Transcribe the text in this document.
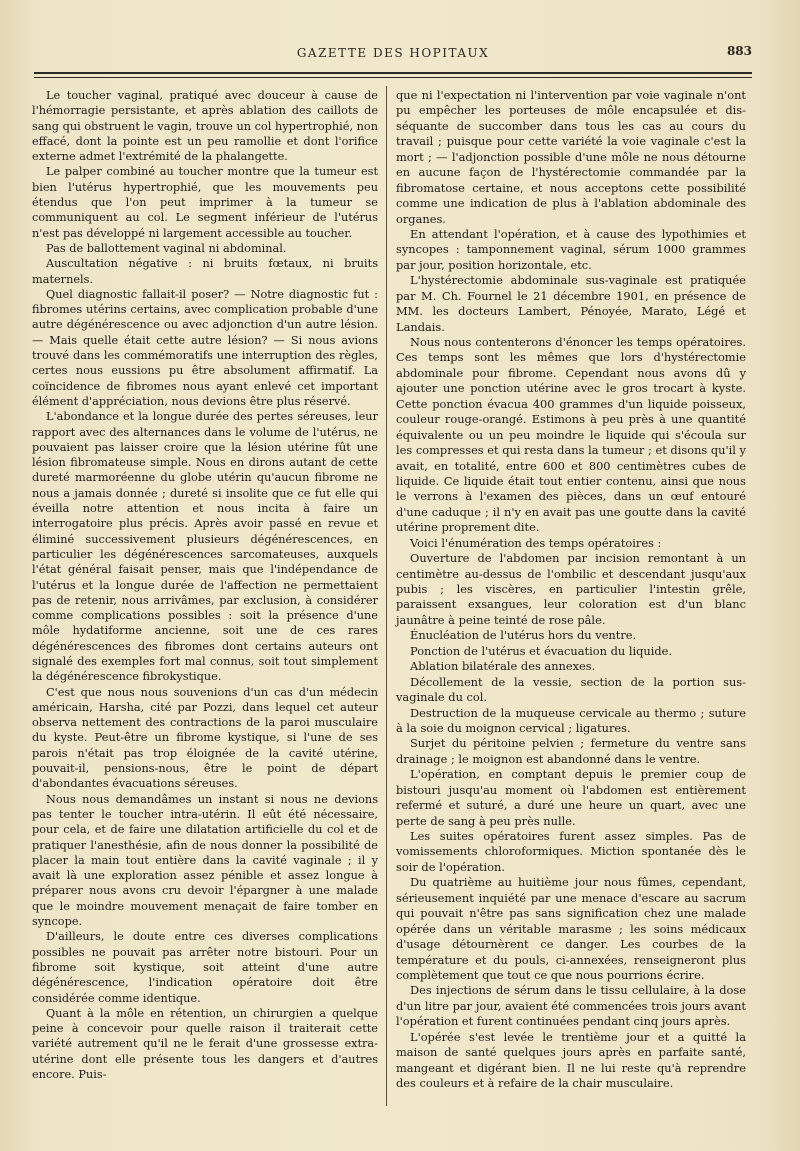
GAZETTE DES HOPITAUX	883

Le toucher vaginal, pratiqué avec douceur à cause de l'hémorragie persistante, et après ablation des caillots de sang qui obstruent le vagin, trouve un col hypertrophié, non effacé, dont la pointe est un peu ramollie et dont l'orifice externe admet l'extrémité de la phalangette.

Le palper combiné au toucher montre que la tumeur est bien l'utérus hypertrophié, que les mouvements peu étendus que l'on peut imprimer à la tumeur se communiquent au col. Le segment inférieur de l'utérus n'est pas développé ni largement accessible au toucher.

Pas de ballottement vaginal ni abdominal.

Auscultation négative : ni bruits fœtaux, ni bruits maternels.

Quel diagnostic fallait-il poser? — Notre diagnostic fut : fibromes utérins certains, avec complication probable d'une autre dégénérescence ou avec adjonction d'un autre lésion. — Mais quelle était cette autre lésion? — Si nous avions trouvé dans les commémoratifs une interruption des règles, certes nous eussions pu être absolument affirmatif. La coïncidence de fibromes nous ayant enlevé cet important élément d'appréciation, nous devions être plus réservé.

L'abondance et la longue durée des pertes séreuses, leur rapport avec des alternances dans le volume de l'utérus, ne pouvaient pas laisser croire que la lésion utérine fût une lésion fibromateuse simple. Nous en dirons autant de cette dureté marmoréenne du globe utérin qu'aucun fibrome ne nous a jamais donnée ; dureté si insolite que ce fut elle qui éveilla notre attention et nous incita à faire un interrogatoire plus précis. Après avoir passé en revue et éliminé successivement plusieurs dégénérescences, en particulier les dégénérescences sarcomateuses, auxquels l'état général faisait penser, mais que l'indépendance de l'utérus et la longue durée de l'affection ne permettaient pas de retenir, nous arrivâmes, par exclusion, à considérer comme complications possibles : soit la présence d'une môle hydatiforme ancienne, soit une de ces rares dégénérescences des fibromes dont certains auteurs ont signalé des exemples fort mal connus, soit tout simplement la dégénérescence fibrokystique.

C'est que nous nous souvenions d'un cas d'un médecin américain, Harsha, cité par Pozzi, dans lequel cet auteur observa nettement des contractions de la paroi musculaire du kyste. Peut-être un fibrome kystique, si l'une de ses parois n'était pas trop éloignée de la cavité utérine, pouvait-il, pensions-nous, être le point de départ d'abondantes évacuations séreuses.

Nous nous demandâmes un instant si nous ne devions pas tenter le toucher intra-utérin. Il eût été nécessaire, pour cela, et de faire une dilatation artificielle du col et de pratiquer l'anesthésie, afin de nous donner la possibilité de placer la main tout entière dans la cavité vaginale ; il y avait là une exploration assez pénible et assez longue à préparer nous avons cru devoir l'épargner à une malade que le moindre mouvement menaçait de faire tomber en syncope.

D'ailleurs, le doute entre ces diverses complications possibles ne pouvait pas arrêter notre bistouri. Pour un fibrome soit kystique, soit atteint d'une autre dégénérescence, l'indication opératoire doit être considérée comme identique.

Quant à la môle en rétention, un chirurgien a quelque peine à concevoir pour quelle raison il traiterait cette variété autrement qu'il ne le ferait d'une grossesse extra-utérine dont elle présente tous les dangers et d'autres encore. Puis-

que ni l'expectation ni l'intervention par voie vaginale n'ont pu empêcher les porteuses de môle encapsulée et dis-séquante de succomber dans tous les cas au cours du travail ; puisque pour cette variété la voie vaginale c'est la mort ; — l'adjonction possible d'une môle ne nous détourne en aucune façon de l'hystérectomie commandée par la fibromatose certaine, et nous acceptons cette possibilité comme une indication de plus à l'ablation abdominale des organes.

En attendant l'opération, et à cause des lypothimies et syncopes : tamponnement vaginal, sérum 1000 grammes par jour, position horizontale, etc.

L'hystérectomie abdominale sus-vaginale est pratiquée par M. Ch. Fournel le 21 décembre 1901, en présence de MM. les docteurs Lambert, Pénoyée, Marato, Légé et Landais.

Nous nous contenterons d'énoncer les temps opératoires. Ces temps sont les mêmes que lors d'hystérectomie abdominale pour fibrome. Cependant nous avons dû y ajouter une ponction utérine avec le gros trocart à kyste. Cette ponction évacua 400 grammes d'un liquide poisseux, couleur rouge-orangé. Estimons à peu près à une quantité équivalente ou un peu moindre le liquide qui s'écoula sur les compresses et qui resta dans la tumeur ; et disons qu'il y avait, en totalité, entre 600 et 800 centimètres cubes de liquide. Ce liquide était tout entier contenu, ainsi que nous le verrons à l'examen des pièces, dans un œuf entouré d'une caduque ; il n'y en avait pas une goutte dans la cavité utérine proprement dite.

Voici l'énumération des temps opératoires :

Ouverture de l'abdomen par incision remontant à un centimètre au-dessus de l'ombilic et descendant jusqu'aux pubis ; les viscères, en particulier l'intestin grêle, paraissent exsangues, leur coloration est d'un blanc jaunâtre à peine teinté de rose pâle.

Énucléation de l'utérus hors du ventre.

Ponction de l'utérus et évacuation du liquide.

Ablation bilatérale des annexes.

Décollement de la vessie, section de la portion sus-vaginale du col.

Destruction de la muqueuse cervicale au thermo ; suture à la soie du moignon cervical ; ligatures.

Surjet du péritoine pelvien ; fermeture du ventre sans drainage ; le moignon est abandonné dans le ventre.

L'opération, en comptant depuis le premier coup de bistouri jusqu'au moment où l'abdomen est entièrement refermé et suturé, a duré une heure un quart, avec une perte de sang à peu près nulle.

Les suites opératoires furent assez simples. Pas de vomissements chloroformiques. Miction spontanée dès le soir de l'opération.

Du quatrième au huitième jour nous fûmes, cependant, sérieusement inquiété par une menace d'escare au sacrum qui pouvait n'être pas sans signification chez une malade opérée dans un véritable marasme ; les soins médicaux d'usage détournèrent ce danger. Les courbes de la température et du pouls, ci-annexées, renseigneront plus complètement que tout ce que nous pourrions écrire.

Des injections de sérum dans le tissu cellulaire, à la dose d'un litre par jour, avaient été commencées trois jours avant l'opération et furent continuées pendant cinq jours après.

L'opérée s'est levée le trentième jour et a quitté la maison de santé quelques jours après en parfaite santé, mangeant et digérant bien. Il ne lui reste qu'à reprendre des couleurs et à refaire de la chair musculaire.
